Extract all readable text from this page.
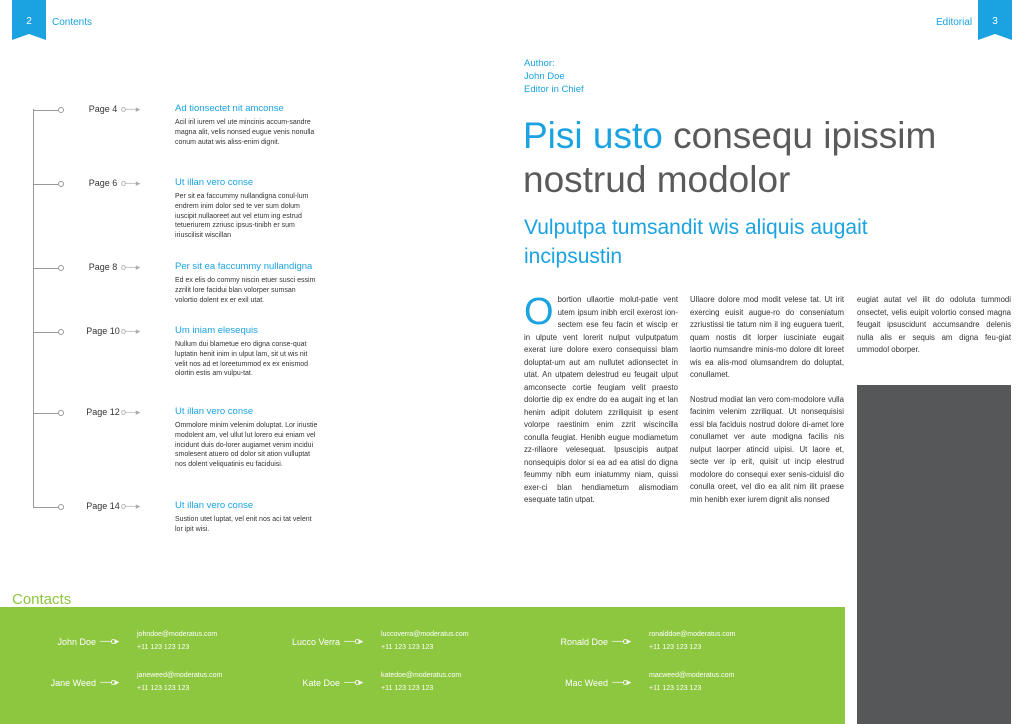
2	Contents	Editorial	3
Page 4 o──▸	Ad tionsectet nit amconse
Acil iril iurem vel ute mincinis accum-sandre magna alit, velis nonsed eugue venis nonulla conum autat wis aliss-enim dignit.
Page 6 o──▸	Ut illan vero conse
Per sit ea faccummy nullandigna conul-lum endrem inim dolor sed te ver sum dolum iuscipit nullaoreet aut vel etum ing estrud tetueriurem zzriusc ipsus-tinibh er sum iriuscilisit wiscillan
Page 8 o──▸	Per sit ea faccummy nullandigna
Ed ex elis do commy niscin etuer susci essim zzrilit lore facidui blan volorper sumsan volortio dolent ex er exil utat.
Page 10 o──▸	Um iniam elesequis
Nullum dui blametue ero digna conse-quat luptatin henit inim in ulput lam, sit ut wis nit velit nos ad et loreetummod ex ex enismod olortin estis am vulpu-tat.
Page 12 o──▸	Ut illan vero conse
Ommolore minim velenim doluptat. Lor iriustie modolent am, vel ullut lut lorero eui eniam vel incidunt duis do-lorer augiamet venim incidui smolesent atuero od dolor sit ation vulluptat nos dolent veliquatinis eu faciduisi.
Page 14 o──▸	Ut illan vero conse
Sustion utet luptat, vel enit nos aci tat velent lor ipit wisi.
Author:
John Doe
Editor in Chief
Pisi usto consequ ipissim nostrud modolor
Vulputpa tumsandit wis aliquis augait incipsustin
Obortion ullaortie molut-patie vent utem ipsum inibh ercil exerost ion-sectem ese feu facin et wiscip er in ulpute vent lorerit nulput vulputpatum exerat iure dolore exero consequissi blam doluptat-um aut am nullutet adionsectet in utat. An utpatem delestrud eu feugait ulput amconsecte cortie feugiam velit praesto dolortie dip ex endre do ea augait ing et lan henim adipit dolutem zzriliquisit ip esent volorpe raestinim enim zzrit wiscincilla conulla feugiat. Henibh eugue modiametum zz-rillaore velesequat. Ipsuscipis autpat nonsequipis dolor si ea ad ea atisl do digna feummy nibh eum iniatummy niam, quissi exer-ci blan hendiametum alismodiam esequate tatin utpat.

Ullaore dolore mod modit velese tat. Ut irit exercing euisit augue-ro do conseniatum zzriustissi tie tatum nim il ing euguera tuerit, quam nostis dit lorper iusciniate eugait laortio numsandre minis-mo dolore dit loreet wis ea alis-mod olumsandrem do doluptat, conullamet.

Nostrud modiat lan vero com-modolore vulla facinim velenim zzriliquat. Ut nonsequisisi essi bla faciduis nostrud dolore di-amet lore conullamet ver aute modigna facilis nis nulput laorper atincid uipisi. Ut laore et, secte ver ip erit, quisit ut incip elestrud modolore do consequi exer senis-ciduisl dio conulla oreet, vel dio ea alit nim ilit praese min henibh exer iurem dignit alis nonsed

eugiat autat vel ilit do odoluta tummodi onsectet, velis euipit volortio consed magna feugait ipsuscidunt accumsandre delenis nulla alis er sequis am digna feu-giat ummodol oborper.

Contacts
John Doe ──o▸
johndoe@moderatus.com
+11 123 123 123
Jane Weed ──o▸
janeweed@moderatus.com
+11 123 123 123
Lucco Verra ──o▸
luccoverra@moderatus.com
+11 123 123 123
Kate Doe ──o▸
katedoe@moderatus.com
+11 123 123 123
Ronald Doe ──o▸
ronalddoe@moderatus.com
+11 123 123 123
Mac Weed ──o▸
macweed@moderatus.com
+11 123 123 123
